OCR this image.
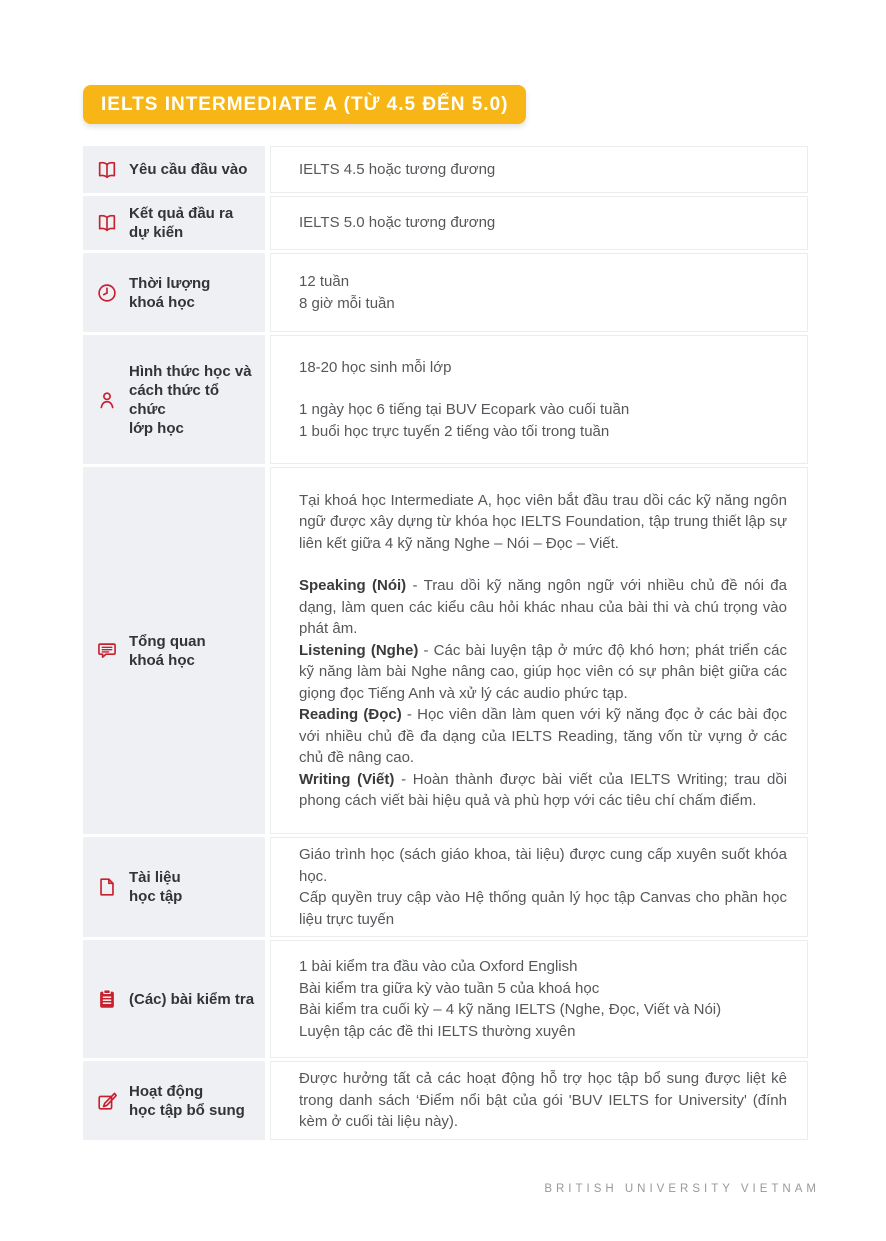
IELTS INTERMEDIATE A (TỪ 4.5 ĐẾN 5.0)
Yêu cầu đầu vào	IELTS 4.5 hoặc tương đương

Kết quả đầu ra
dự kiến

IELTS 5.0 hoặc tương đương

Thời lượng
khoá học

12 tuần

8 giờ mỗi tuần

Hình thức học và
cách thức tổ chức
lớp học

18-20 học sinh mỗi lớp

1 ngày học 6 tiếng tại BUV Ecopark vào cuối tuần

1 buổi học trực tuyến 2 tiếng vào tối trong tuần

Tổng quan
khoá học

Tại khoá học Intermediate A, học viên bắt đầu trau dồi các kỹ năng ngôn ngữ được xây dựng từ khóa học IELTS Foundation, tập trung thiết lập sự liên kết giữa 4 kỹ năng Nghe – Nói – Đọc – Viết.

Speaking (Nói) - Trau dồi kỹ năng ngôn ngữ với nhiều chủ đề nói đa dạng, làm quen các kiểu câu hỏi khác nhau của bài thi và chú trọng vào phát âm.

Listening (Nghe) - Các bài luyện tập ở mức độ khó hơn; phát triển các kỹ năng làm bài Nghe nâng cao, giúp học viên có sự phân biệt giữa các giọng đọc Tiếng Anh và xử lý các audio phức tạp.

Reading (Đọc) - Học viên dần làm quen với kỹ năng đọc ở các bài đọc với nhiều chủ đề đa dạng của IELTS Reading, tăng vốn từ vựng ở các chủ đề nâng cao.

Writing (Viết) - Hoàn thành được bài viết của IELTS Writing; trau dồi phong cách viết bài hiệu quả và phù hợp với các tiêu chí chấm điểm.

Tài liệu
học tập

Giáo trình học (sách giáo khoa, tài liệu) được cung cấp xuyên suốt khóa học.

Cấp quyền truy cập vào Hệ thống quản lý học tập Canvas cho phần học liệu trực tuyến

(Các) bài kiểm tra

1 bài kiểm tra đầu vào của Oxford English

Bài kiểm tra giữa kỳ vào tuần 5 của khoá học

Bài kiểm tra cuối kỳ – 4 kỹ năng IELTS (Nghe, Đọc, Viết và Nói)

Luyện tập các đề thi IELTS thường xuyên

Hoạt động
học tập bổ sung

Được hưởng tất cả các hoạt động hỗ trợ học tập bổ sung được liệt kê trong danh sách ‘Điểm nổi bật của gói 'BUV IELTS for University' (đính kèm ở cuối tài liệu này).

BRITISH UNIVERSITY VIETNAM
